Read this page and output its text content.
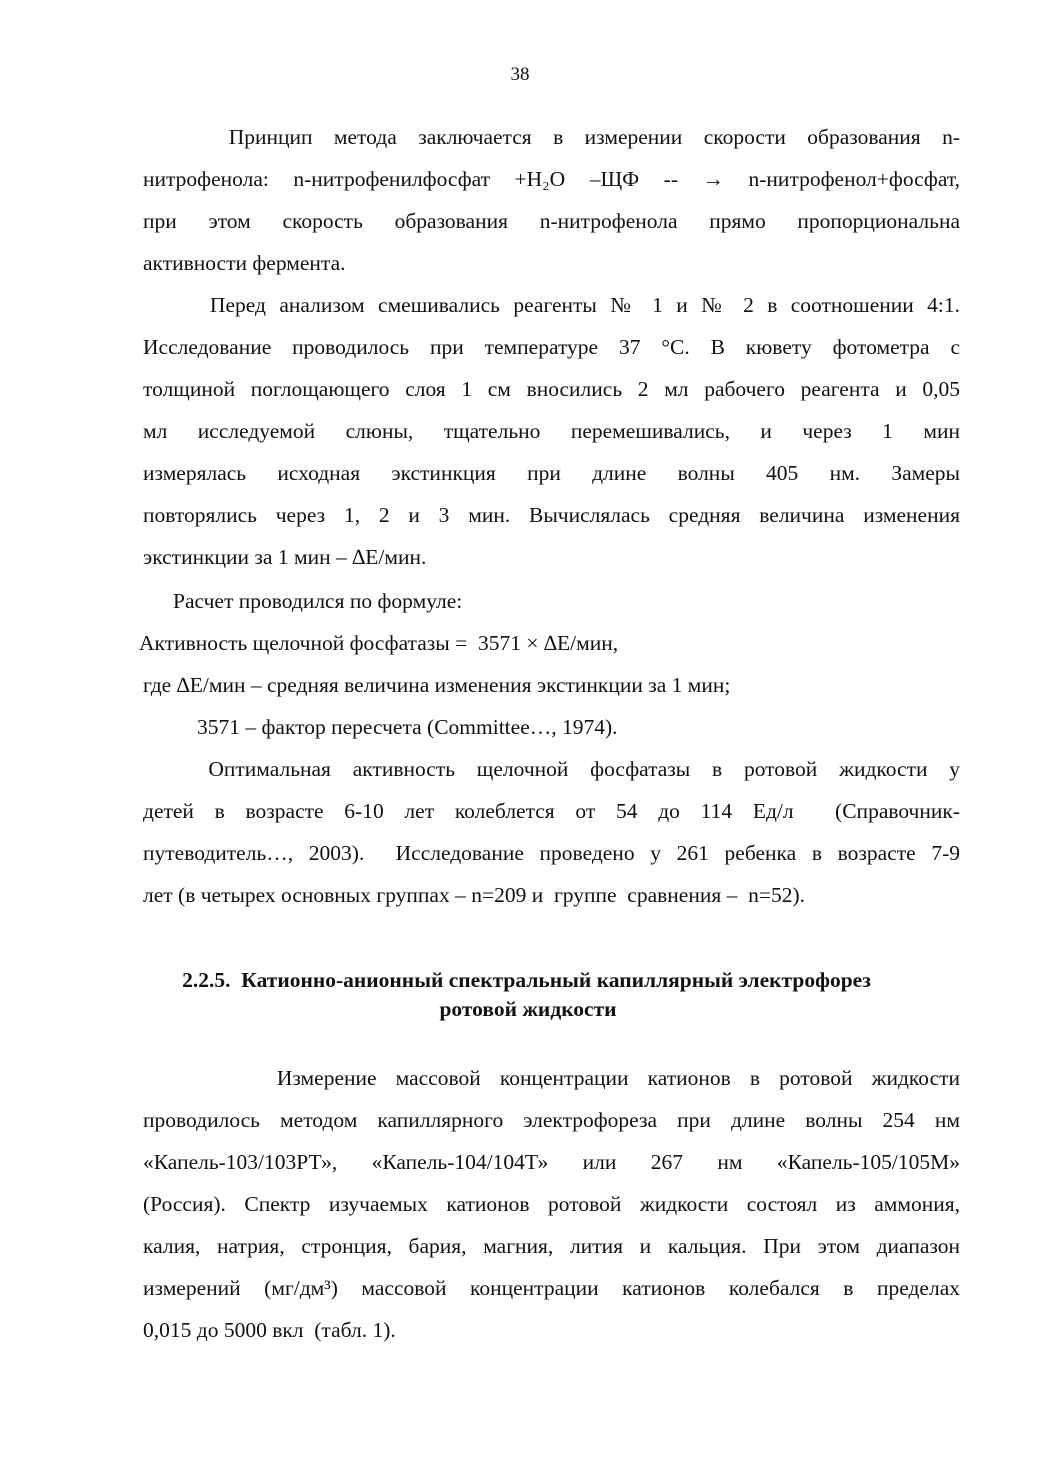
38
Принцип метода заключается в измерении скорости образования n-
нитрофенола: n-нитрофенилфосфат +H₂O –ЩФ -- → n-нитрофенол+фосфат,
при этом скорость образования n-нитрофенола прямо пропорциональна
активности фермента.
Перед анализом смешивались реагенты № 1 и № 2 в соотношении 4:1.
Исследование проводилось при температуре 37 °С. В кювету фотометра с
толщиной поглощающего слоя 1 см вносились 2 мл рабочего реагента и 0,05
мл исследуемой слюны, тщательно перемешивались, и через 1 мин
измерялась исходная экстинкция при длине волны 405 нм. Замеры
повторялись через 1, 2 и 3 мин. Вычислялась средняя величина изменения
экстинкции за 1 мин – ∆Е/мин.
Расчет проводился по формуле:
Активность щелочной фосфатазы =  3571 × ∆Е/мин,
где ∆Е/мин – средняя величина изменения экстинкции за 1 мин;
3571 – фактор пересчета (Committee…, 1974).
Оптимальная активность щелочной фосфатазы в ротовой жидкости у
детей в возрасте 6-10 лет колеблется от 54 до 114 Ед/л  (Справочник-
путеводитель…, 2003).  Исследование проведено у 261 ребенка в возрасте 7-9
лет (в четырех основных группах – n=209 и  группе  сравнения –  n=52).
2.2.5.  Катионно-анионный спектральный капиллярный электрофорез
ротовой жидкости
Измерение массовой концентрации катионов в ротовой жидкости
проводилось методом капиллярного электрофореза при длине волны 254 нм
«Капель-103/103РТ», «Капель-104/104Т» или 267 нм «Капель-105/105М»
(Россия). Спектр изучаемых катионов ротовой жидкости состоял из аммония,
калия, натрия, стронция, бария, магния, лития и кальция. При этом диапазон
измерений (мг/дм³) массовой концентрации катионов колебался в пределах
0,015 до 5000 вкл  (табл. 1).
